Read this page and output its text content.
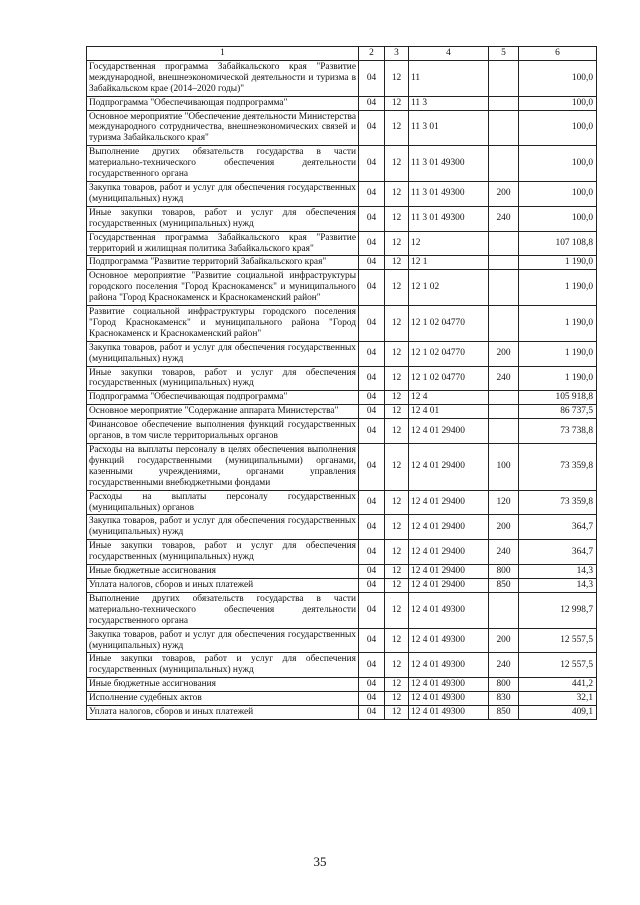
1	2	3	4	5	6
Государственная программа Забайкальского края "Развитие международной, внешнеэкономической деятельности и туризма в Забайкальском крае (2014–2020 годы)"	04	12	11		100,0
Подпрограмма "Обеспечивающая подпрограмма"	04	12	11 3		100,0
Основное мероприятие "Обеспечение деятельности Министерства международного сотрудничества, внешнеэкономических связей и туризма Забайкальского края"	04	12	11 3 01		100,0
Выполнение других обязательств государства в части материально-технического обеспечения деятельности государственного органа	04	12	11 3 01 49300		100,0
Закупка товаров, работ и услуг для обеспечения государственных (муниципальных) нужд	04	12	11 3 01 49300	200	100,0
Иные закупки товаров, работ и услуг для обеспечения государственных (муниципальных) нужд	04	12	11 3 01 49300	240	100,0
Государственная программа Забайкальского края "Развитие территорий и жилищная политика Забайкальского края"	04	12	12		107 108,8
Подпрограмма "Развитие территорий Забайкальского края"	04	12	12 1		1 190,0
Основное мероприятие "Развитие социальной инфраструктуры городского поселения "Город Краснокаменск" и муниципального района "Город Краснокаменск и Краснокаменский район"	04	12	12 1 02		1 190,0
Развитие социальной инфраструктуры городского поселения "Город Краснокаменск" и муниципального района "Город Краснокаменск и Краснокаменский район"	04	12	12 1 02 04770		1 190,0
Закупка товаров, работ и услуг для обеспечения государственных (муниципальных) нужд	04	12	12 1 02 04770	200	1 190,0
Иные закупки товаров, работ и услуг для обеспечения государственных (муниципальных) нужд	04	12	12 1 02 04770	240	1 190,0
Подпрограмма "Обеспечивающая подпрограмма"	04	12	12 4		105 918,8
Основное мероприятие "Содержание аппарата Министерства"	04	12	12 4 01		86 737,5
Финансовое обеспечение выполнения функций государственных органов, в том числе территориальных органов	04	12	12 4 01 29400		73 738,8
Расходы на выплаты персоналу в целях обеспечения выполнения функций государственными (муниципальными) органами, казенными учреждениями, органами управления государственными внебюджетными фондами	04	12	12 4 01 29400	100	73 359,8
Расходы на выплаты персоналу государственных (муниципальных) органов	04	12	12 4 01 29400	120	73 359,8
Закупка товаров, работ и услуг для обеспечения государственных (муниципальных) нужд	04	12	12 4 01 29400	200	364,7
Иные закупки товаров, работ и услуг для обеспечения государственных (муниципальных) нужд	04	12	12 4 01 29400	240	364,7
Иные бюджетные ассигнования	04	12	12 4 01 29400	800	14,3
Уплата налогов, сборов и иных платежей	04	12	12 4 01 29400	850	14,3
Выполнение других обязательств государства в части материально-технического обеспечения деятельности государственного органа	04	12	12 4 01 49300		12 998,7
Закупка товаров, работ и услуг для обеспечения государственных (муниципальных) нужд	04	12	12 4 01 49300	200	12 557,5
Иные закупки товаров, работ и услуг для обеспечения государственных (муниципальных) нужд	04	12	12 4 01 49300	240	12 557,5
Иные бюджетные ассигнования	04	12	12 4 01 49300	800	441,2
Исполнение судебных актов	04	12	12 4 01 49300	830	32,1
Уплата налогов, сборов и иных платежей	04	12	12 4 01 49300	850	409,1
35
